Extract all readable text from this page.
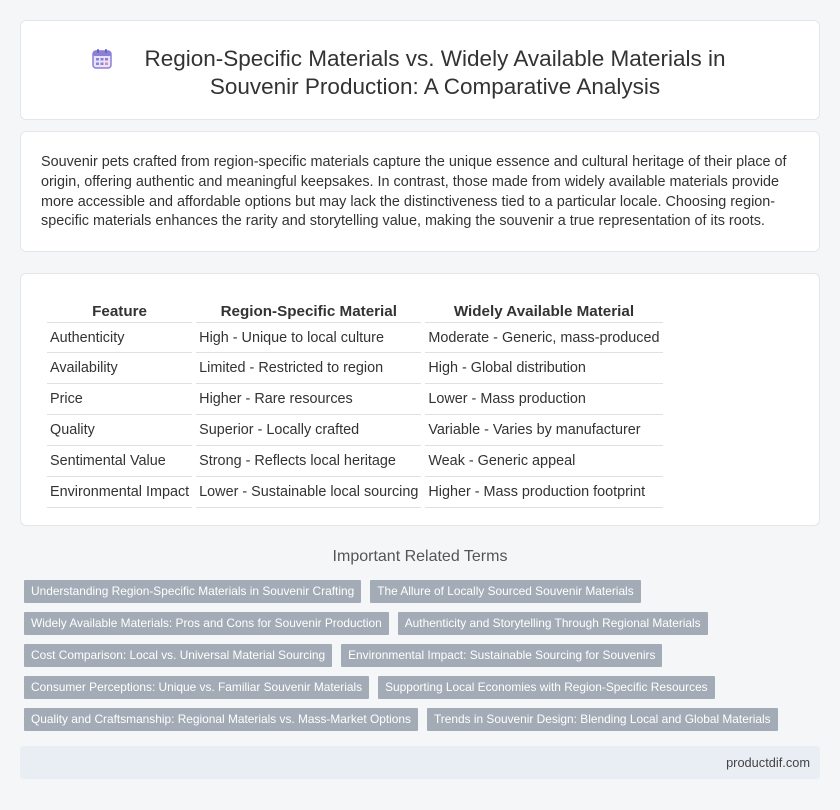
Region-Specific Materials vs. Widely Available Materials in Souvenir Production: A Comparative Analysis

Souvenir pets crafted from region-specific materials capture the unique essence and cultural heritage of their place of origin, offering authentic and meaningful keepsakes. In contrast, those made from widely available materials provide more accessible and affordable options but may lack the distinctiveness tied to a particular locale. Choosing region-specific materials enhances the rarity and storytelling value, making the souvenir a true representation of its roots.

Feature	Region-Specific Material	Widely Available Material
Authenticity	High - Unique to local culture	Moderate - Generic, mass-produced
Availability	Limited - Restricted to region	High - Global distribution
Price	Higher - Rare resources	Lower - Mass production
Quality	Superior - Locally crafted	Variable - Varies by manufacturer
Sentimental Value	Strong - Reflects local heritage	Weak - Generic appeal
Environmental Impact	Lower - Sustainable local sourcing	Higher - Mass production footprint
Important Related Terms
Understanding Region-Specific Materials in Souvenir Crafting	The Allure of Locally Sourced Souvenir Materials
Widely Available Materials: Pros and Cons for Souvenir Production	Authenticity and Storytelling Through Regional Materials
Cost Comparison: Local vs. Universal Material Sourcing	Environmental Impact: Sustainable Sourcing for Souvenirs
Consumer Perceptions: Unique vs. Familiar Souvenir Materials	Supporting Local Economies with Region-Specific Resources
Quality and Craftsmanship: Regional Materials vs. Mass-Market Options	Trends in Souvenir Design: Blending Local and Global Materials
productdif.com
